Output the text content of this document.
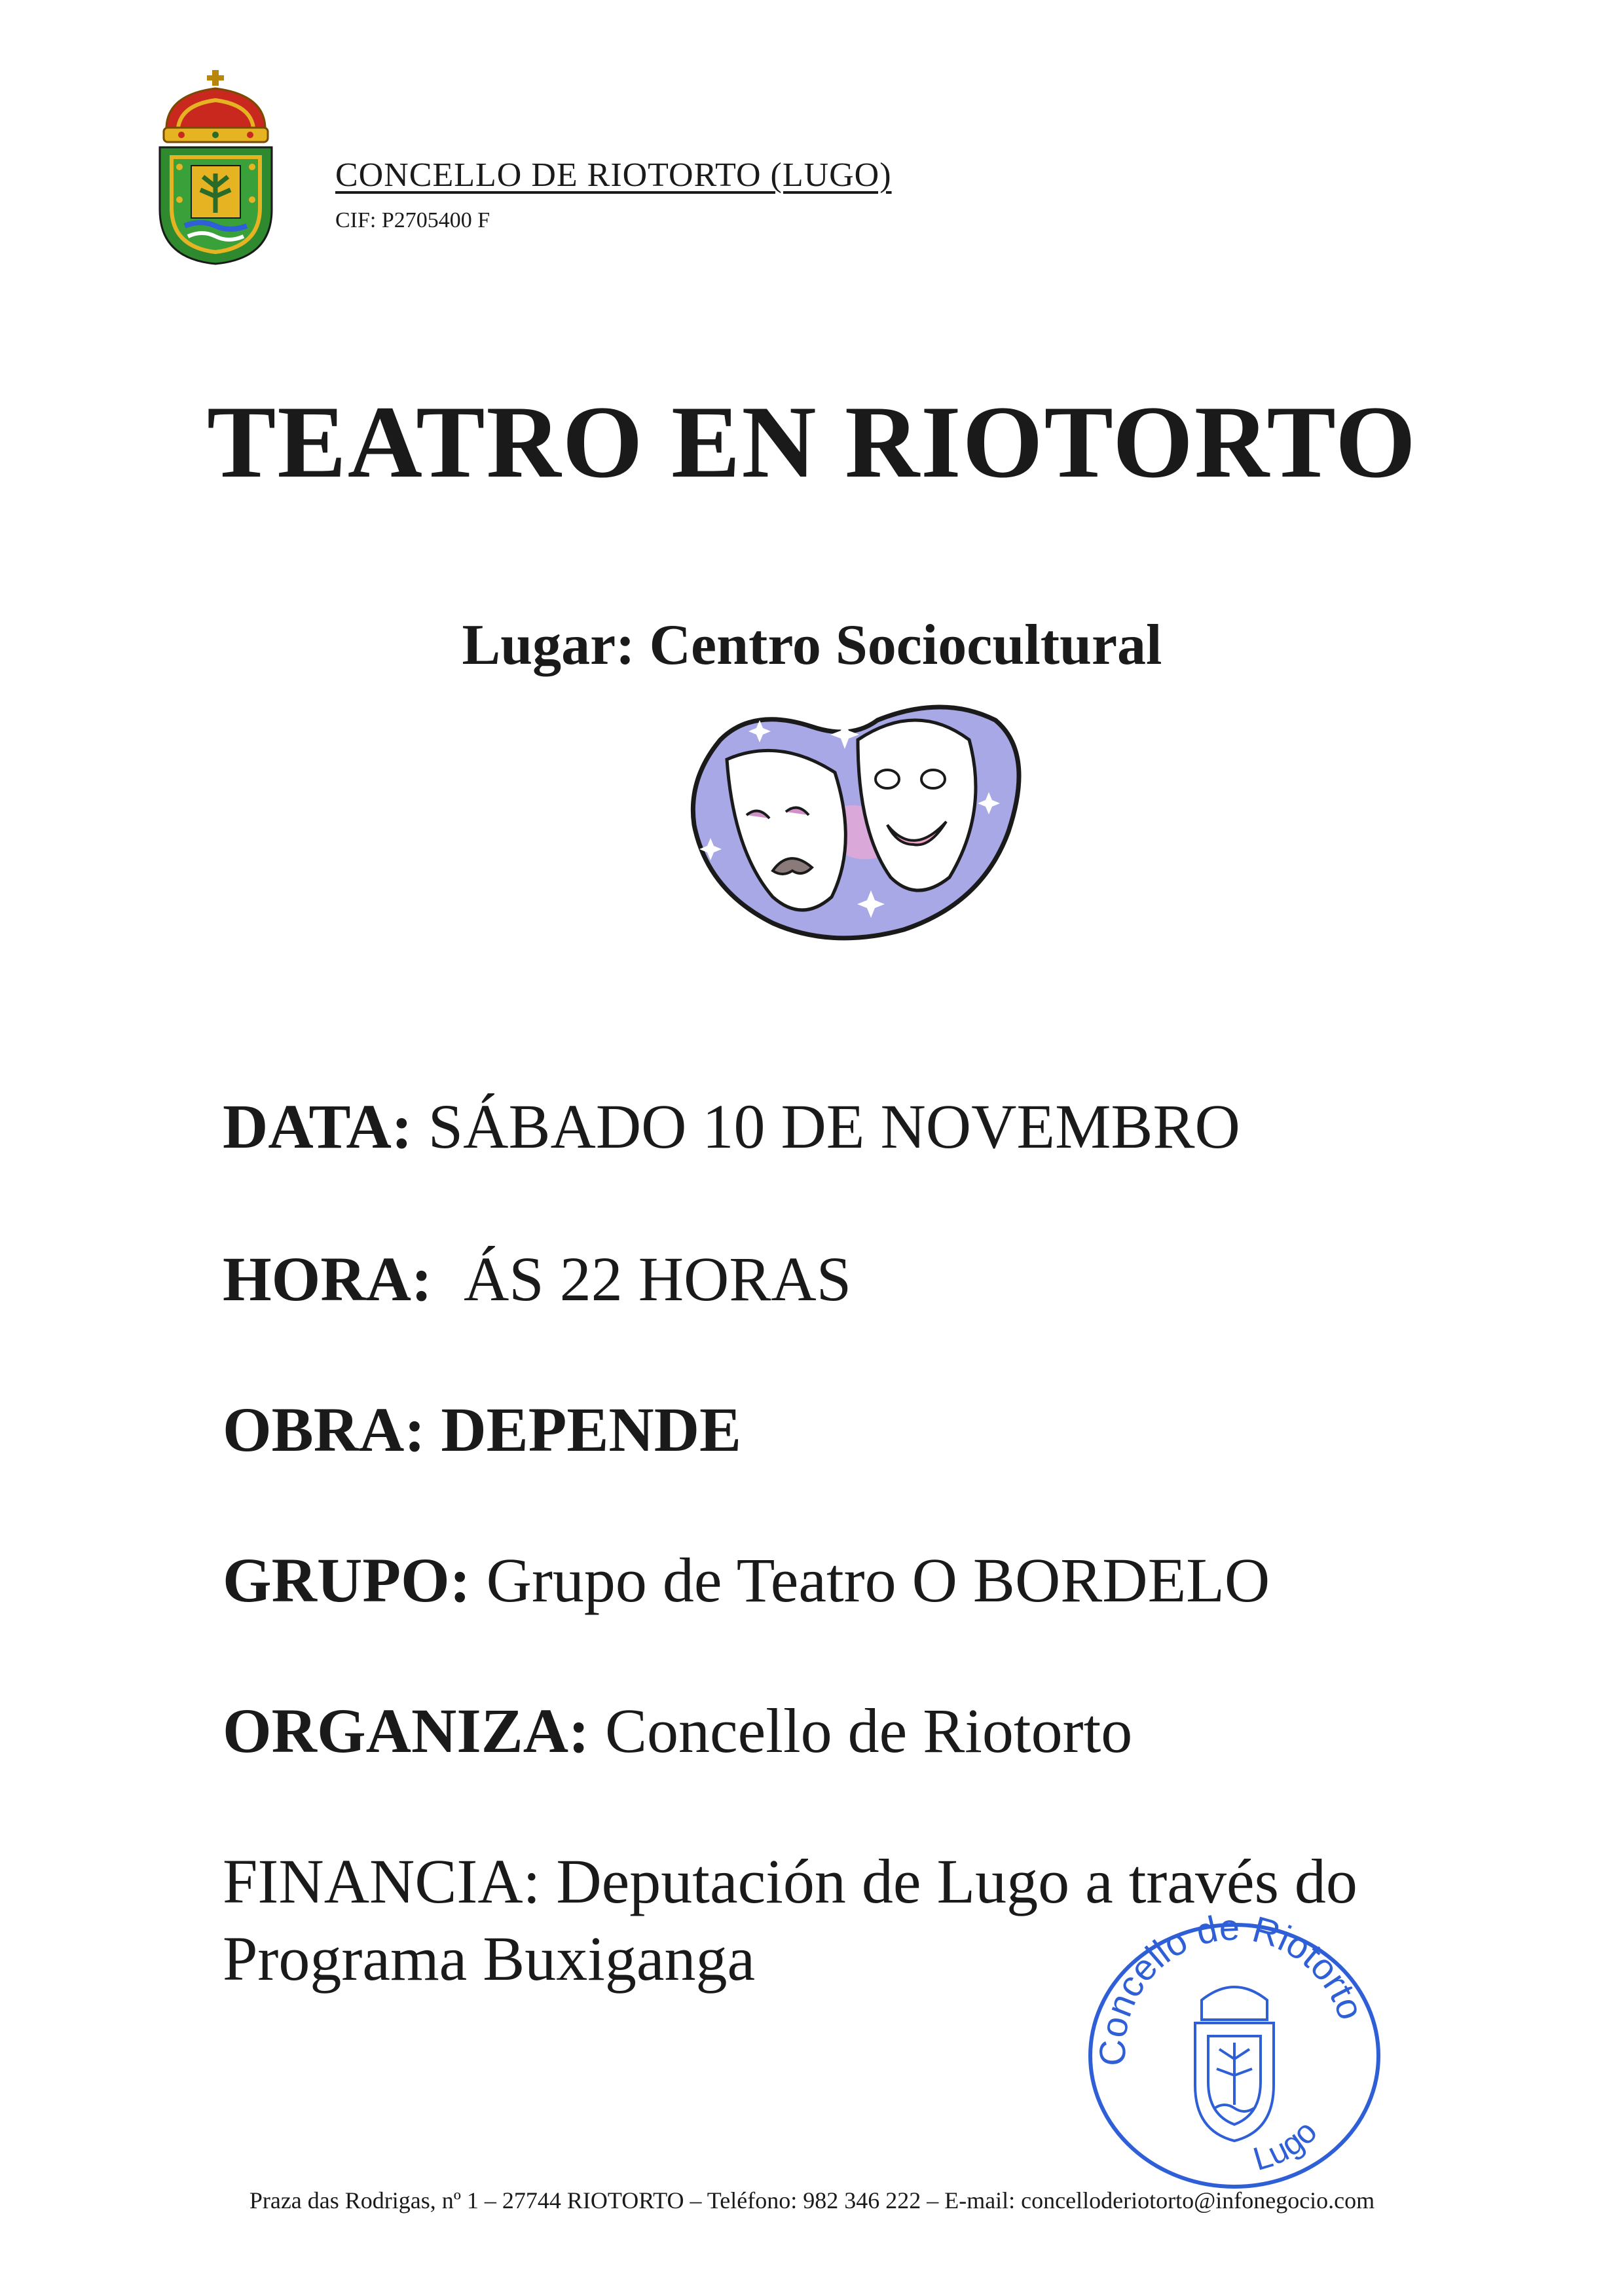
CONCELLO DE RIOTORTO (LUGO)
CIF: P2705400 F
TEATRO EN RIOTORTO
Lugar: Centro Sociocultural
DATA: SÁBADO 10 DE NOVEMBRO
HORA: ÁS 22 HORAS
OBRA: DEPENDE
GRUPO: Grupo de Teatro O BORDELO
ORGANIZA: Concello de Riotorto
FINANCIA: Deputación de Lugo a través do Programa Buxiganga
Concello de Riotorto
Lugo
Praza das Rodrigas, nº 1 – 27744 RIOTORTO – Teléfono: 982 346 222 – E-mail: concelloderiotorto@infonegocio.com
